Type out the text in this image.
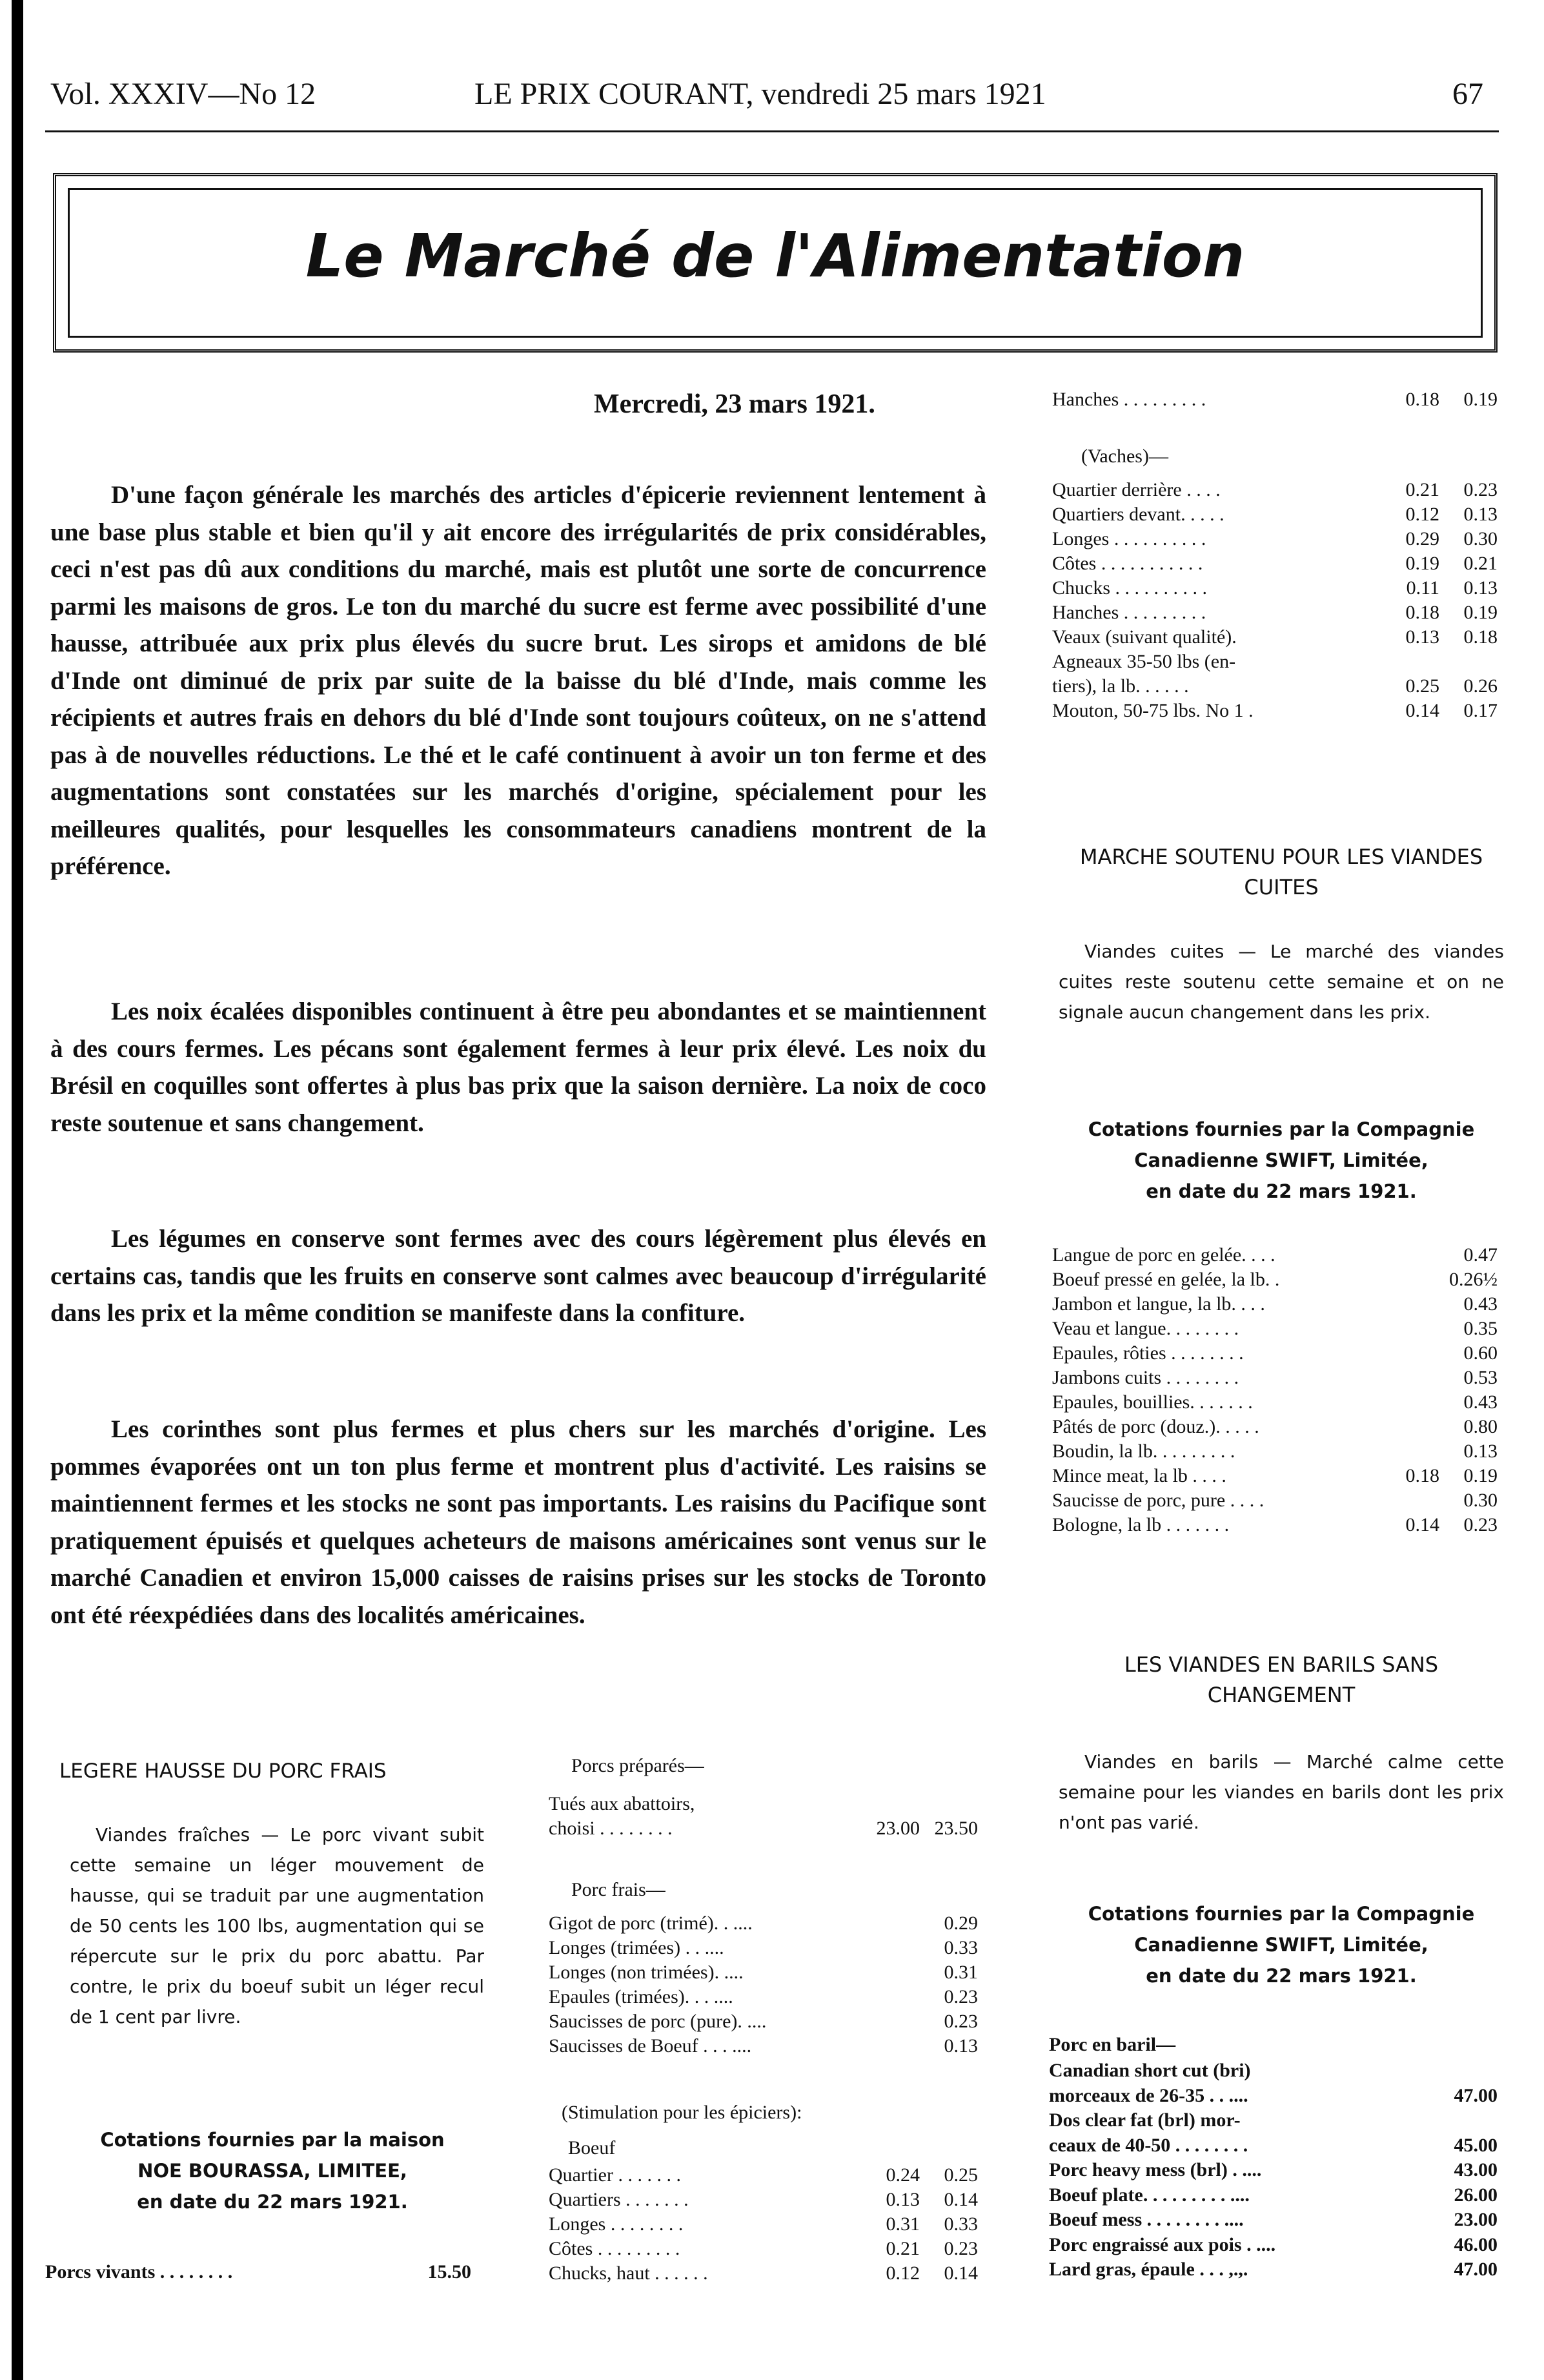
Vol. XXXIV—No 12	LE PRIX COURANT, vendredi 25 mars 1921	67
Le Marché de l'Alimentation
Mercredi, 23 mars 1921.

D'une façon générale les marchés des articles d'épicerie reviennent lentement à une base plus stable et bien qu'il y ait encore des irrégularités de prix considérables, ceci n'est pas dû aux conditions du marché, mais est plutôt une sorte de concurrence parmi les maisons de gros. Le ton du marché du sucre est ferme avec possibilité d'une hausse, attribuée aux prix plus élevés du sucre brut. Les sirops et amidons de blé d'Inde ont diminué de prix par suite de la baisse du blé d'Inde, mais comme les récipients et autres frais en dehors du blé d'Inde sont toujours coûteux, on ne s'attend pas à de nouvelles réductions. Le thé et le café continuent à avoir un ton ferme et des augmentations sont constatées sur les marchés d'origine, spécialement pour les meilleures qualités, pour lesquelles les consommateurs canadiens montrent de la préférence.

Les noix écalées disponibles continuent à être peu abondantes et se maintiennent à des cours fermes. Les pécans sont également fermes à leur prix élevé. Les noix du Brésil en coquilles sont offertes à plus bas prix que la saison dernière. La noix de coco reste soutenue et sans changement.

Les légumes en conserve sont fermes avec des cours légèrement plus élevés en certains cas, tandis que les fruits en conserve sont calmes avec beaucoup d'irrégularité dans les prix et la même condition se manifeste dans la confiture.

Les corinthes sont plus fermes et plus chers sur les marchés d'origine. Les pommes évaporées ont un ton plus ferme et montrent plus d'activité. Les raisins se maintiennent fermes et les stocks ne sont pas importants. Les raisins du Pacifique sont pratiquement épuisés et quelques acheteurs de maisons américaines sont venus sur le marché Canadien et environ 15,000 caisses de raisins prises sur les stocks de Toronto ont été réexpédiées dans des localités américaines.

Hanches . . . . . . . . .	0.18 0.19
(Vaches)—
Quartier derrière . . . .	0.21 0.23
Quartiers devant. . . . .	0.12 0.13
Longes . . . . . . . . . .	0.29 0.30
Côtes . . . . . . . . . . .	0.19 0.21
Chucks . . . . . . . . . .	0.11 0.13
Hanches . . . . . . . . .	0.18 0.19
Veaux (suivant qualité).	0.13 0.18
Agneaux 35-50 lbs (en-
tiers), la lb. . . . . .	0.25 0.26
Mouton, 50-75 lbs. No 1 .	0.14 0.17
MARCHE SOUTENU POUR LES VIANDES CUITES
Viandes cuites — Le marché des viandes cuites reste soutenu cette semaine et on ne signale aucun changement dans les prix.
Cotations fournies par la Compagnie
Canadienne SWIFT, Limitée,
en date du 22 mars 1921.
Langue de porc en gelée. . . .	0.47
Boeuf pressé en gelée, la lb. .	0.26½
Jambon et langue, la lb. . . .	0.43
Veau et langue. . . . . . . .	0.35
Epaules, rôties . . . . . . . .	0.60
Jambons cuits . . . . . . . .	0.53
Epaules, bouillies. . . . . . .	0.43
Pâtés de porc (douz.). . . . .	0.80
Boudin, la lb. . . . . . . . .	0.13
Mince meat, la lb . . . .	0.18 0.19
Saucisse de porc, pure . . . .	0.30
Bologne, la lb . . . . . . .	0.14 0.23
LES VIANDES EN BARILS SANS CHANGEMENT
Viandes en barils — Marché calme cette semaine pour les viandes en barils dont les prix n'ont pas varié.
Cotations fournies par la Compagnie
Canadienne SWIFT, Limitée,
en date du 22 mars 1921.
Porc en baril—
Canadian short cut (bri)
morceaux de 26-35 . . ....	47.00
Dos clear fat (brl) mor-
ceaux de 40-50 . . . . . . . .	45.00
Porc heavy mess (brl) . ....	43.00
Boeuf plate. . . . . . . . . ....	26.00
Boeuf mess . . . . . . . . ....	23.00
Porc engraissé aux pois . ....	46.00
Lard gras, épaule . . . ,.,.	47.00
LEGERE HAUSSE DU PORC FRAIS
Viandes fraîches — Le porc vivant subit cette semaine un léger mouvement de hausse, qui se traduit par une augmentation de 50 cents les 100 lbs, augmentation qui se répercute sur le prix du porc abattu. Par contre, le prix du boeuf subit un léger recul de 1 cent par livre.
Cotations fournies par la maison
NOE BOURASSA, LIMITEE,
en date du 22 mars 1921.
Porcs vivants . . . . . . . .	15.50
Porcs préparés—
Tués aux abattoirs,
choisi . . . . . . . .	23.00 23.50
Porc frais—
Gigot de porc (trimé). . ....	0.29
Longes (trimées) . . ....	0.33
Longes (non trimées). ....	0.31
Epaules (trimées). . . ....	0.23
Saucisses de porc (pure). ....	0.23
Saucisses de Boeuf . . . ....	0.13
(Stimulation pour les épiciers):
Boeuf
Quartier . . . . . . .	0.24 0.25
Quartiers . . . . . . .	0.13 0.14
Longes . . . . . . . .	0.31 0.33
Côtes . . . . . . . . .	0.21 0.23
Chucks, haut . . . . . .	0.12 0.14
